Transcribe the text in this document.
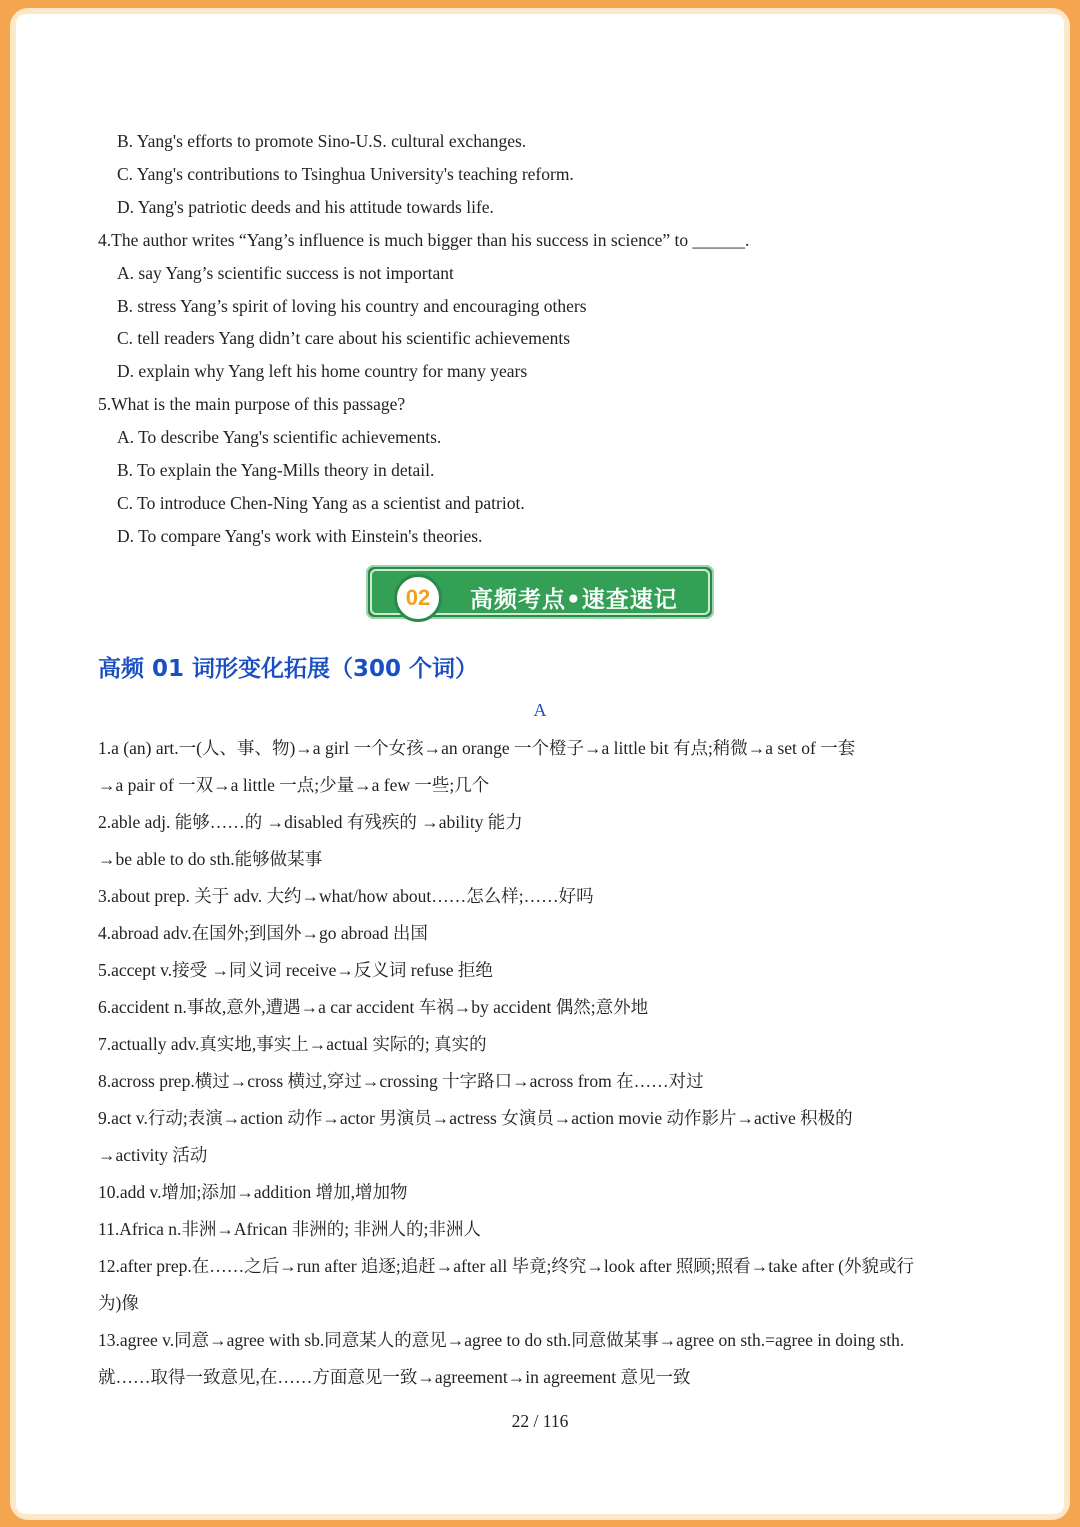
B. Yang's efforts to promote Sino-U.S. cultural exchanges.
C. Yang's contributions to Tsinghua University's teaching reform.
D. Yang's patriotic deeds and his attitude towards life.
4.The author writes “Yang’s influence is much bigger than his success in science” to ______.
A. say Yang’s scientific success is not important
B. stress Yang’s spirit of loving his country and encouraging others
C. tell readers Yang didn’t care about his scientific achievements
D. explain why Yang left his home country for many years
5.What is the main purpose of this passage?
A. To describe Yang's scientific achievements.
B. To explain the Yang-Mills theory in detail.
C. To introduce Chen-Ning Yang as a scientist and patriot.
D. To compare Yang's work with Einstein's theories.
02	高频考点•速查速记
高频 01 词形变化拓展（300 个词）
A
1.a (an) art.一(人、事、物)→a girl 一个女孩→an orange 一个橙子→a little bit 有点;稍微→a set of 一套
→a pair of 一双→a little 一点;少量→a few 一些;几个
2.able adj. 能够……的 →disabled 有残疾的 →ability 能力
→be able to do sth.能够做某事
3.about prep. 关于 adv. 大约→what/how about……怎么样;……好吗
4.abroad adv.在国外;到国外→go abroad 出国
5.accept v.接受 →同义词 receive→反义词 refuse 拒绝
6.accident n.事故,意外,遭遇→a car accident 车祸→by accident 偶然;意外地
7.actually adv.真实地,事实上→actual 实际的; 真实的
8.across prep.横过→cross 横过,穿过→crossing 十字路口→across from 在……对过
9.act v.行动;表演→action 动作→actor 男演员→actress 女演员→action movie 动作影片→active 积极的
→activity 活动
10.add v.增加;添加→addition 增加,增加物
11.Africa n.非洲→African 非洲的; 非洲人的;非洲人
12.after prep.在……之后→run after 追逐;追赶→after all 毕竟;终究→look after 照顾;照看→take after (外貌或行
为)像
13.agree v.同意→agree with sb.同意某人的意见→agree to do sth.同意做某事→agree on sth.=agree in doing sth.
就……取得一致意见,在……方面意见一致→agreement→in agreement 意见一致
22 / 116
